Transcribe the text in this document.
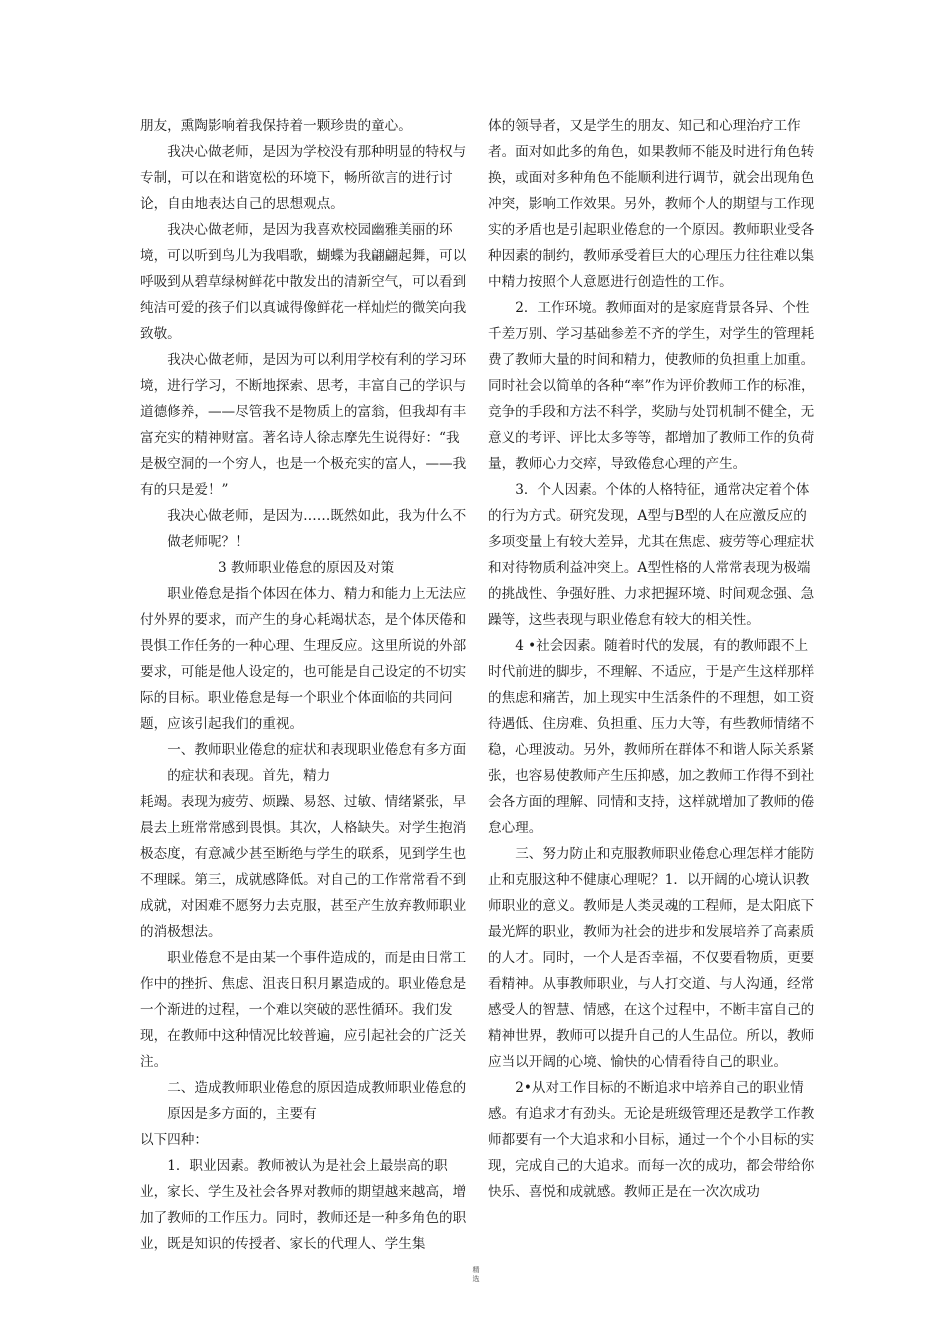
朋友，熏陶影响着我保持着一颗珍贵的童心。

我决心做老师，是因为学校没有那种明显的特权与专制，可以在和谐宽松的环境下，畅所欲言的进行讨论，自由地表达自己的思想观点。

我决心做老师，是因为我喜欢校园幽雅美丽的环境，可以听到鸟儿为我唱歌，蝴蝶为我翩翩起舞，可以呼吸到从碧草绿树鲜花中散发出的清新空气，可以看到纯洁可爱的孩子们以真诚得像鲜花一样灿烂的微笑向我致敬。

我决心做老师，是因为可以利用学校有利的学习环境，进行学习，不断地探索、思考，丰富自己的学识与道德修养，——尽管我不是物质上的富翁，但我却有丰富充实的精神财富。著名诗人徐志摩先生说得好：“我是极空洞的一个穷人，也是一个极充实的富人，——我有的只是爱！”

我决心做老师，是因为……既然如此，我为什么不做老师呢？！

3 教师职业倦怠的原因及对策

职业倦怠是指个体因在体力、精力和能力上无法应付外界的要求，而产生的身心耗竭状态，是个体厌倦和畏惧工作任务的一种心理、生理反应。这里所说的外部要求，可能是他人设定的，也可能是自己设定的不切实际的目标。职业倦怠是每一个职业个体面临的共同问题，应该引起我们的重视。

一、教师职业倦怠的症状和表现职业倦怠有多方面的症状和表现。首先，精力

耗竭。表现为疲劳、烦躁、易怒、过敏、情绪紧张，早晨去上班常常感到畏惧。其次，人格缺失。对学生抱消极态度，有意减少甚至断绝与学生的联系，见到学生也不理睬。第三，成就感降低。对自己的工作常常看不到成就，对困难不愿努力去克服，甚至产生放弃教师职业的消极想法。

职业倦怠不是由某一个事件造成的，而是由日常工作中的挫折、焦虑、沮丧日积月累造成的。职业倦怠是一个渐进的过程，一个难以突破的恶性循环。我们发现，在教师中这种情况比较普遍，应引起社会的广泛关注。

二、造成教师职业倦怠的原因造成教师职业倦怠的原因是多方面的，主要有

以下四种：

1．职业因素。教师被认为是社会上最崇高的职业，家长、学生及社会各界对教师的期望越来越高，增加了教师的工作压力。同时，教师还是一种多角色的职业，既是知识的传授者、家长的代理人、学生集

体的领导者，又是学生的朋友、知己和心理治疗工作者。面对如此多的角色，如果教师不能及时进行角色转换，或面对多种角色不能顺利进行调节，就会出现角色冲突，影响工作效果。另外，教师个人的期望与工作现实的矛盾也是引起职业倦怠的一个原因。教师职业受各种因素的制约，教师承受着巨大的心理压力往往难以集中精力按照个人意愿进行创造性的工作。

2．工作环境。教师面对的是家庭背景各异、个性千差万别、学习基础参差不齐的学生，对学生的管理耗费了教师大量的时间和精力，使教师的负担重上加重。同时社会以简单的各种“率”作为评价教师工作的标准，竞争的手段和方法不科学，奖励与处罚机制不健全，无意义的考评、评比太多等等，都增加了教师工作的负荷量，教师心力交瘁，导致倦怠心理的产生。

3．个人因素。个体的人格特征，通常决定着个体的行为方式。研究发现，A型与B型的人在应激反应的多项变量上有较大差异，尤其在焦虑、疲劳等心理症状和对待物质利益冲突上。A型性格的人常常表现为极端的挑战性、争强好胜、力求把握环境、时间观念强、急躁等，这些表现与职业倦怠有较大的相关性。

4 •社会因素。随着时代的发展，有的教师跟不上时代前进的脚步，不理解、不适应，于是产生这样那样的焦虑和痛苦，加上现实中生活条件的不理想，如工资待遇低、住房难、负担重、压力大等，有些教师情绪不稳，心理波动。另外，教师所在群体不和谐人际关系紧张，也容易使教师产生压抑感，加之教师工作得不到社会各方面的理解、同情和支持，这样就增加了教师的倦怠心理。

三、努力防止和克服教师职业倦怠心理怎样才能防止和克服这种不健康心理呢？1．以开阔的心境认识教师职业的意义。教师是人类灵魂的工程师，是太阳底下最光辉的职业，教师为社会的进步和发展培养了高素质的人才。同时，一个人是否幸福，不仅要看物质，更要看精神。从事教师职业，与人打交道、与人沟通，经常感受人的智慧、情感，在这个过程中，不断丰富自己的精神世界，教师可以提升自己的人生品位。所以，教师应当以开阔的心境、愉快的心情看待自己的职业。

2•从对工作目标的不断追求中培养自己的职业情感。有追求才有劲头。无论是班级管理还是教学工作教师都要有一个大追求和小目标，通过一个个小目标的实现，完成自己的大追求。而每一次的成功，都会带给你快乐、喜悦和成就感。教师正是在一次次成功

精
选
